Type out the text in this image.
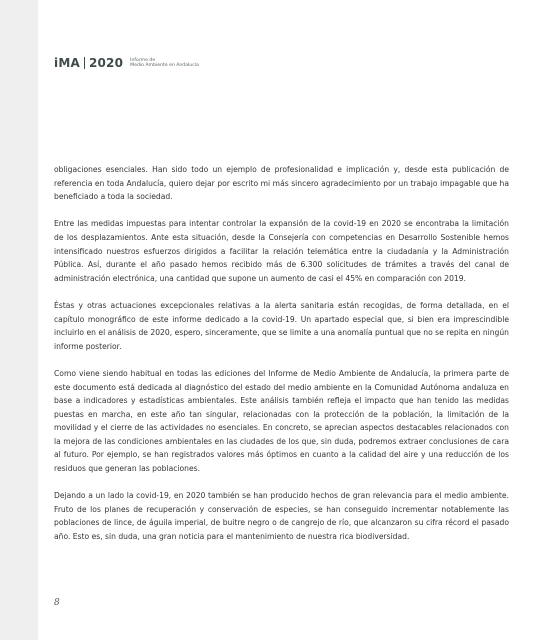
iMA 2020 Informe de
Medio Ambiente en Andalucía

obligaciones esenciales. Han sido todo un ejemplo de profesionalidad e implicación y, desde esta publicación de referencia en toda Andalucía, quiero dejar por escrito mi más sincero agradecimiento por un trabajo impagable que ha beneficiado a toda la sociedad.

Entre las medidas impuestas para intentar controlar la expansión de la covid-19 en 2020 se encontraba la limitación de los desplazamientos. Ante esta situación, desde la Consejería con competencias en Desarrollo Sostenible hemos intensificado nuestros esfuerzos dirigidos a facilitar la relación telemática entre la ciudadanía y la Administración Pública. Así, durante el año pasado hemos recibido más de 6.300 solicitudes de trámites a través del canal de administración electrónica, una cantidad que supone un aumento de casi el 45% en comparación con 2019.

Éstas y otras actuaciones excepcionales relativas a la alerta sanitaria están recogidas, de forma detallada, en el capítulo monográfico de este informe dedicado a la covid-19. Un apartado especial que, si bien era imprescindible incluirlo en el análisis de 2020, espero, sinceramente, que se limite a una anomalía puntual que no se repita en ningún informe posterior.

Como viene siendo habitual en todas las ediciones del Informe de Medio Ambiente de Andalucía, la primera parte de este documento está dedicada al diagnóstico del estado del medio ambiente en la Comunidad Autónoma andaluza en base a indicadores y estadísticas ambientales. Este análisis también refleja el impacto que han tenido las medidas puestas en marcha, en este año tan singular, relacionadas con la protección de la población, la limitación de la movilidad y el cierre de las actividades no esenciales. En concreto, se aprecian aspectos destacables relacionados con la mejora de las condiciones ambientales en las ciudades de los que, sin duda, podremos extraer conclusiones de cara al futuro. Por ejemplo, se han registrados valores más óptimos en cuanto a la calidad del aire y una reducción de los residuos que generan las poblaciones.

Dejando a un lado la covid-19, en 2020 también se han producido hechos de gran relevancia para el medio ambiente. Fruto de los planes de recuperación y conservación de especies, se han conseguido incrementar notablemente las poblaciones de lince, de águila imperial, de buitre negro o de cangrejo de río, que alcanzaron su cifra récord el pasado año. Esto es, sin duda, una gran noticia para el mantenimiento de nuestra rica biodiversidad.

8
